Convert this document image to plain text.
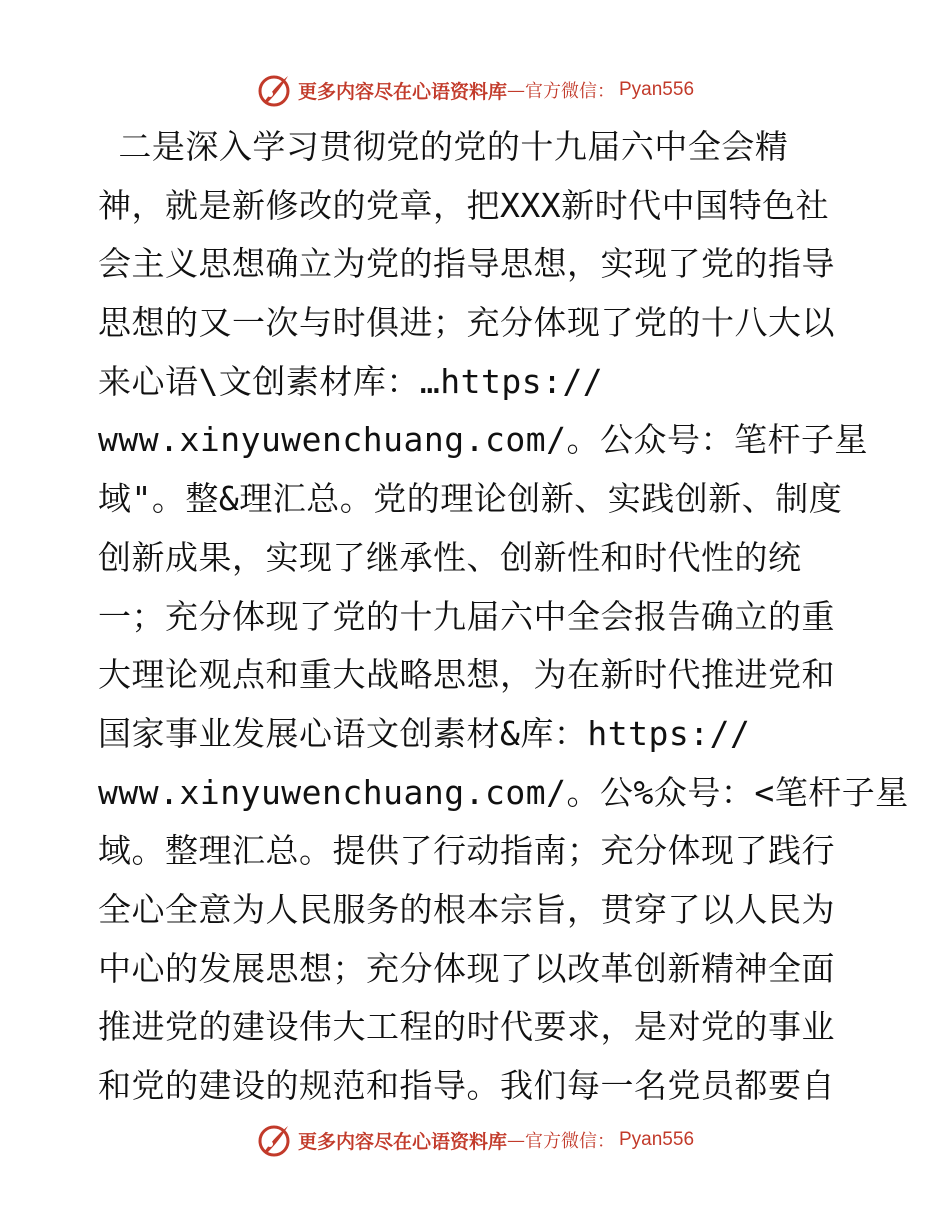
更多内容尽在心语资料库 — 官方微信： Pyan556
二是深入学习贯彻党的党的十九届六中全会精
神，就是新修改的党章，把XXX新时代中国特色社
会主义思想确立为党的指导思想，实现了党的指导
思想的又一次与时俱进；充分体现了党的十八大以
来心语\文创素材库：…https://
www.xinyuwenchuang.com/。公众号：笔杆子星
域"。整&理汇总。党的理论创新、实践创新、制度
创新成果，实现了继承性、创新性和时代性的统
一；充分体现了党的十九届六中全会报告确立的重
大理论观点和重大战略思想，为在新时代推进党和
国家事业发展心语文创素材&库：https://
www.xinyuwenchuang.com/。公%众号：<笔杆子星
域。整理汇总。提供了行动指南；充分体现了践行
全心全意为人民服务的根本宗旨，贯穿了以人民为
中心的发展思想；充分体现了以改革创新精神全面
推进党的建设伟大工程的时代要求，是对党的事业
和党的建设的规范和指导。我们每一名党员都要自
更多内容尽在心语资料库 — 官方微信： Pyan556
